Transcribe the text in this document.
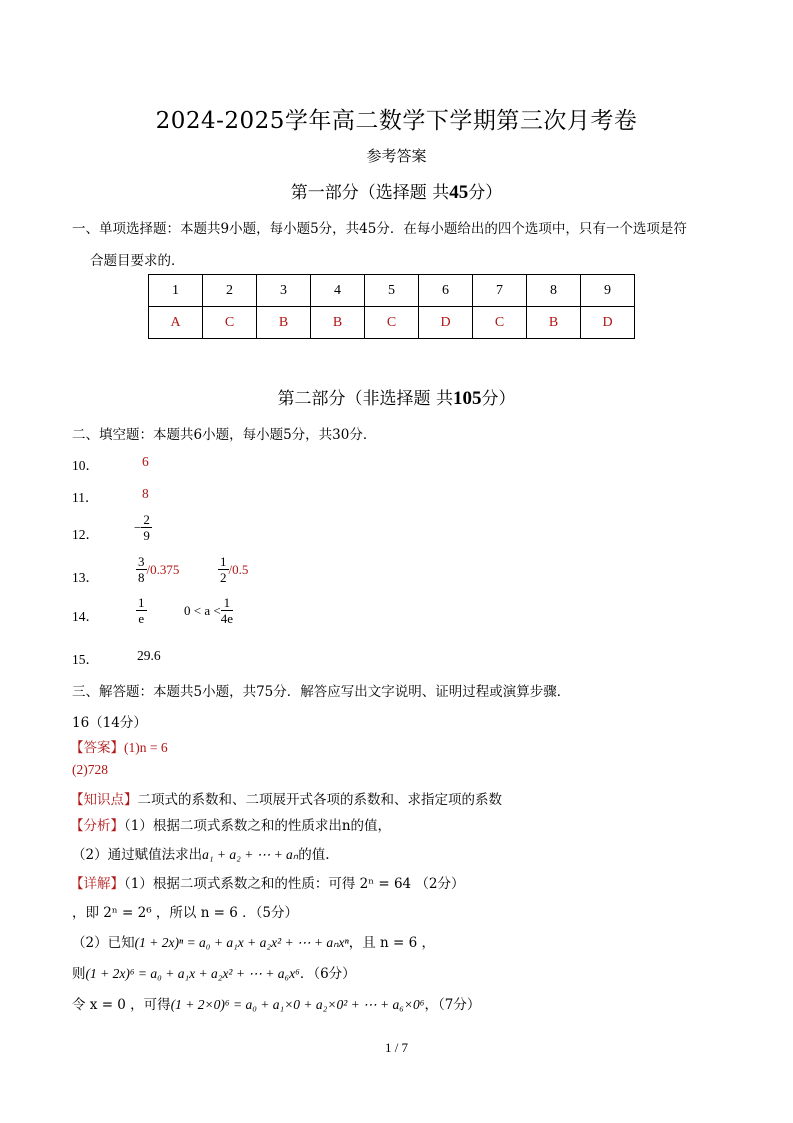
2024-2025学年高二数学下学期第三次月考卷
参考答案
第一部分（选择题 共45分）
一、单项选择题：本题共9小题，每小题5分，共45分．在每小题给出的四个选项中，只有一个选项是符
合题目要求的．
1	2	3	4	5	6	7	8	9
A	C	B	B	C	D	C	B	D
第二部分（非选择题 共105分）
二、填空题：本题共6小题，每小题5分，共30分．
10．	6
11．	8
12．	− $\frac{2}{9}$
13．	$\frac{3}{8} /0.375$	$\frac{1}{2} /0.5$
14．	$\frac{1}{e}$	$0 < a < \frac{1}{4e}$
15．	29.6
三、解答题：本题共5小题，共75分．解答应写出文字说明、证明过程或演算步骤．
16（14分）
【答案】(1)n = 6
(2)728
【知识点】二项式的系数和、二项展开式各项的系数和、求指定项的系数
【分析】（1）根据二项式系数之和的性质求出n的值，
（2）通过赋值法求出a₁ + a₂ + ⋯ + aₙ的值.
【详解】（1）根据二项式系数之和的性质：可得 2ⁿ = 64 （2分）
，即 2ⁿ = 2⁶ ，所以 n = 6 ．（5分）
（2）已知(1 + 2x)ⁿ = a₀ + a₁x + a₂x² + ⋯ + aₙxⁿ，且 n = 6 ，
则(1 + 2x)⁶ = a₀ + a₁x + a₂x² + ⋯ + a₆x⁶．（6分）
令 x = 0 ，可得(1 + 2×0)⁶ = a₀ + a₁×0 + a₂×0² + ⋯ + a₆×0⁶，（7分）
1 / 7
